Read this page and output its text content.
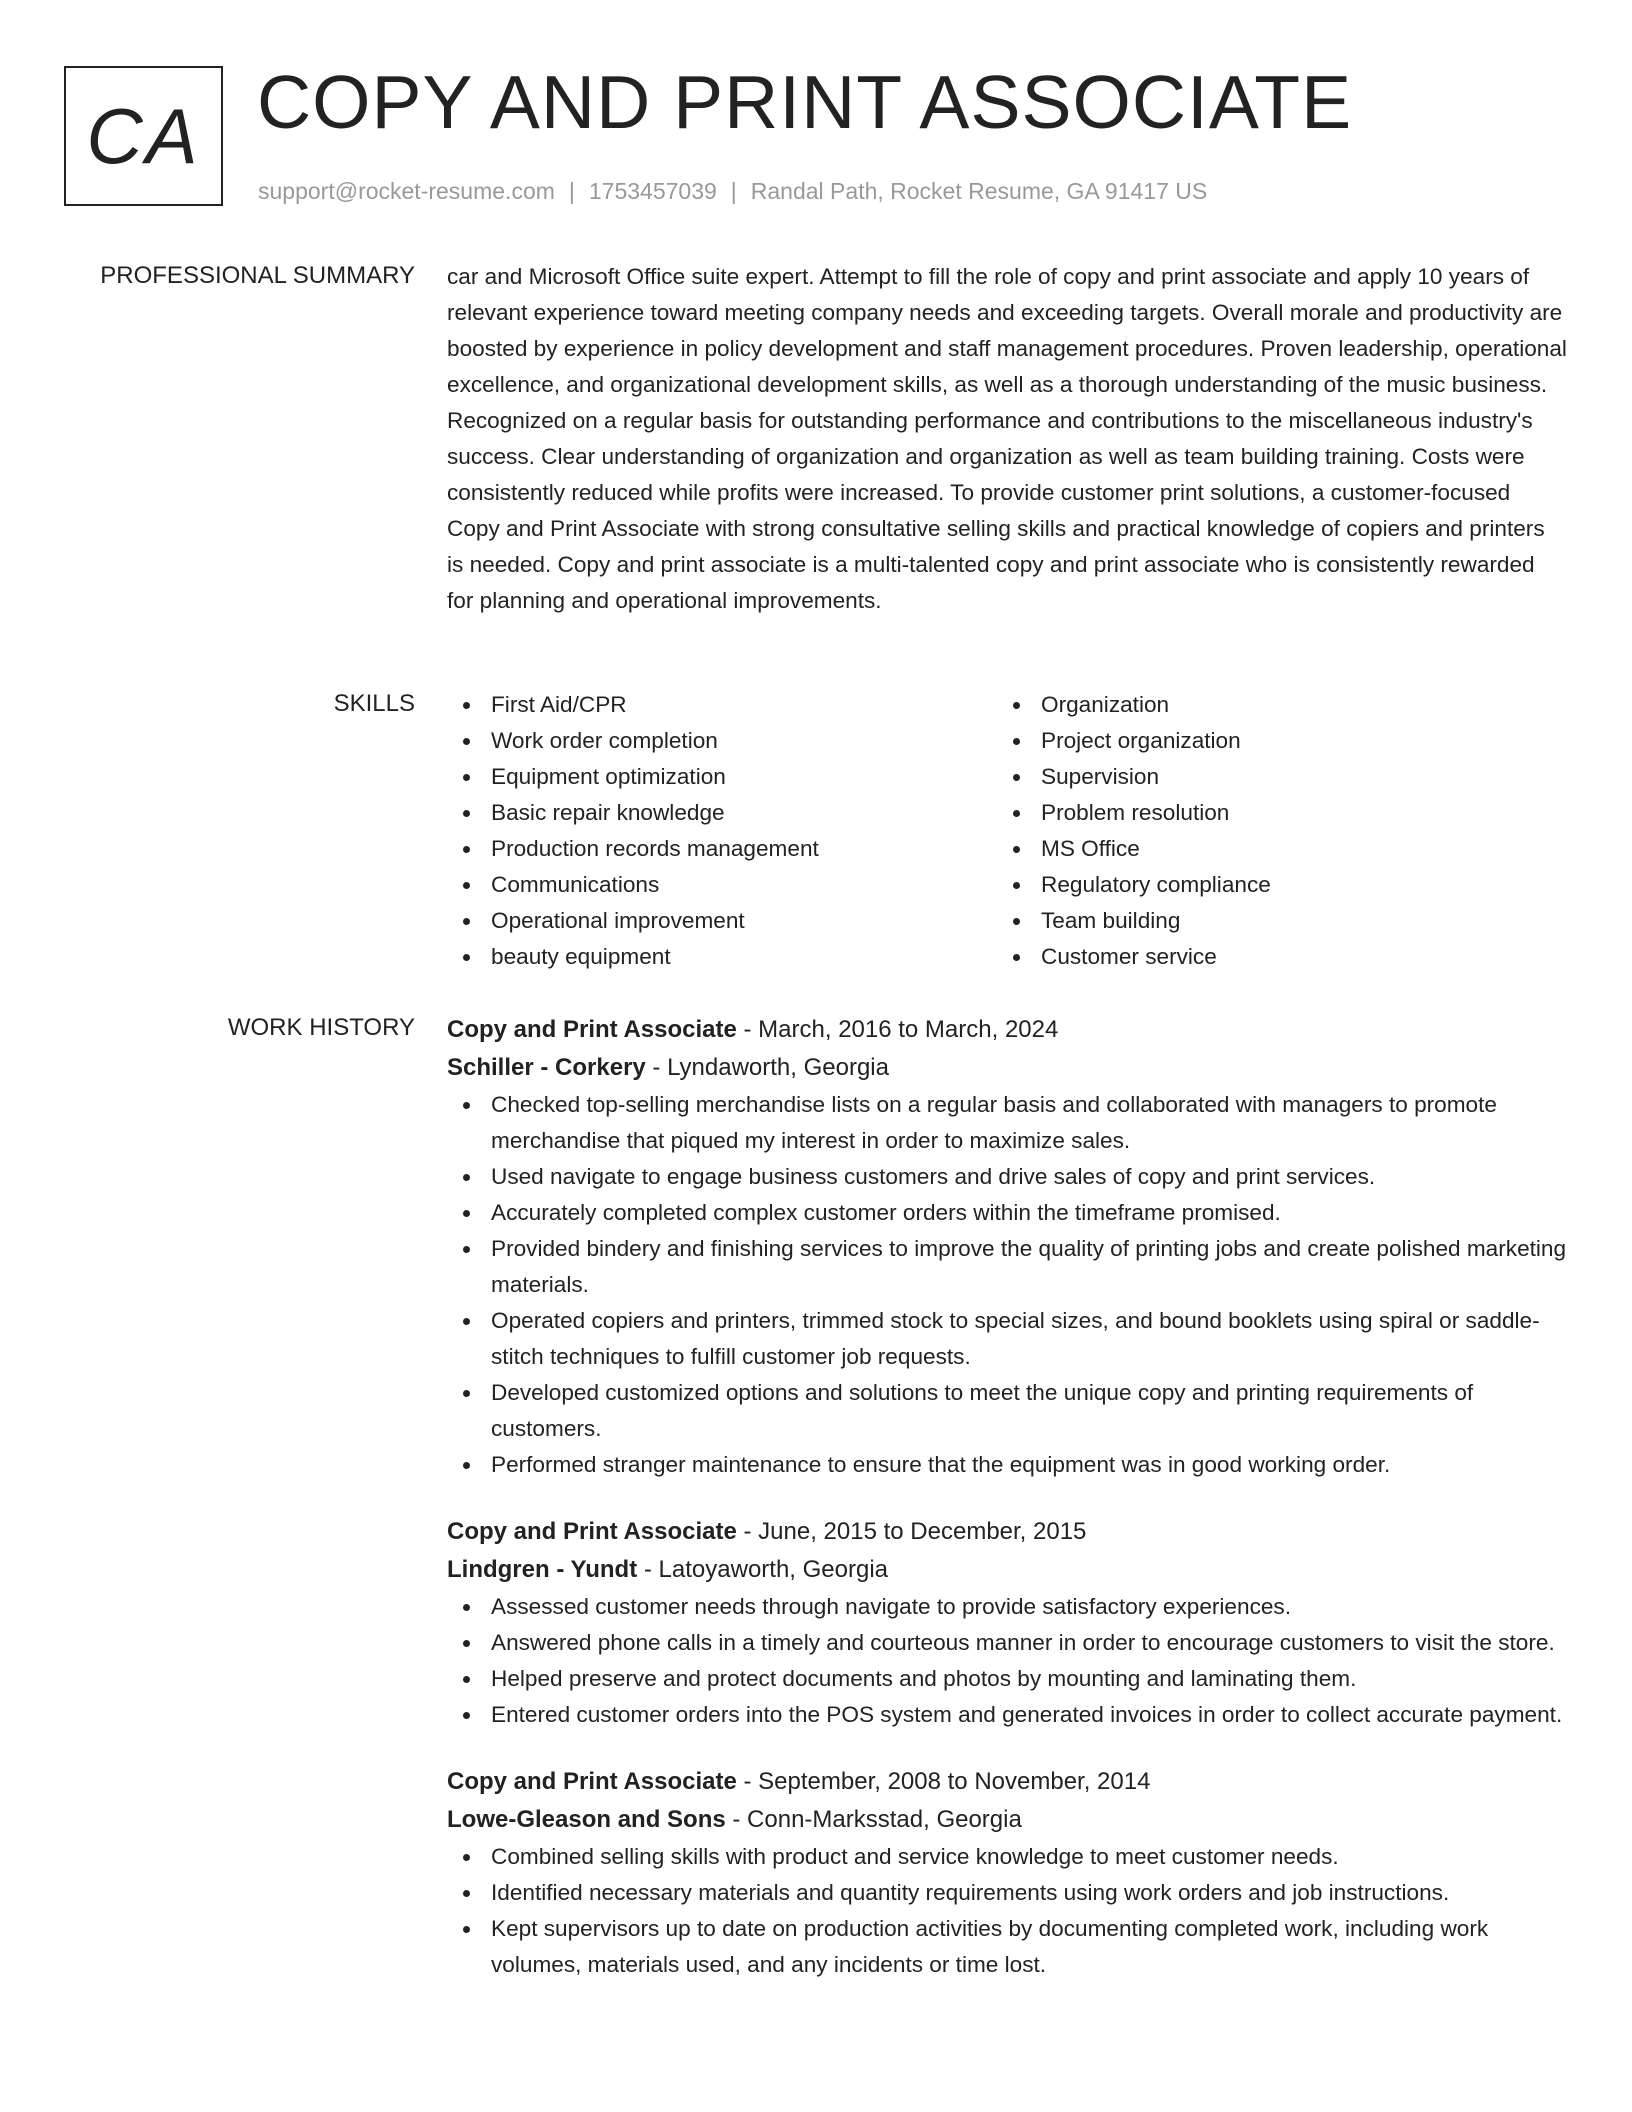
CA COPY AND PRINT ASSOCIATE
support@rocket-resume.com | 1753457039 | Randal Path, Rocket Resume, GA 91417 US
PROFESSIONAL SUMMARY car and Microsoft Office suite expert. Attempt to fill the role of copy and print associate and apply 10 years of relevant experience toward meeting company needs and exceeding targets. Overall morale and productivity are boosted by experience in policy development and staff management procedures. Proven leadership, operational excellence, and organizational development skills, as well as a thorough understanding of the music business. Recognized on a regular basis for outstanding performance and contributions to the miscellaneous industry's success. Clear understanding of organization and organization as well as team building training. Costs were consistently reduced while profits were increased. To provide customer print solutions, a customer-focused Copy and Print Associate with strong consultative selling skills and practical knowledge of copiers and printers is needed. Copy and print associate is a multi-talented copy and print associate who is consistently rewarded for planning and operational improvements.

SKILLS	First Aid/CPR
Work order completion
Equipment optimization
Basic repair knowledge
Production records management
Communications
Operational improvement
beauty equipment
Organization
Project organization
Supervision
Problem resolution
MS Office
Regulatory compliance
Team building
Customer service
WORK HISTORY Copy and Print Associate - March, 2016 to March, 2024
Schiller - Corkery - Lyndaworth, Georgia
Checked top-selling merchandise lists on a regular basis and collaborated with managers to promote merchandise that piqued my interest in order to maximize sales.
Used navigate to engage business customers and drive sales of copy and print services.
Accurately completed complex customer orders within the timeframe promised.
Provided bindery and finishing services to improve the quality of printing jobs and create polished marketing materials.
Operated copiers and printers, trimmed stock to special sizes, and bound booklets using spiral or saddle-stitch techniques to fulfill customer job requests.
Developed customized options and solutions to meet the unique copy and printing requirements of customers.
Performed stranger maintenance to ensure that the equipment was in good working order.
Copy and Print Associate - June, 2015 to December, 2015
Lindgren - Yundt - Latoyaworth, Georgia
Assessed customer needs through navigate to provide satisfactory experiences.
Answered phone calls in a timely and courteous manner in order to encourage customers to visit the store.
Helped preserve and protect documents and photos by mounting and laminating them.
Entered customer orders into the POS system and generated invoices in order to collect accurate payment.
Copy and Print Associate - September, 2008 to November, 2014
Lowe-Gleason and Sons - Conn-Marksstad, Georgia
Combined selling skills with product and service knowledge to meet customer needs.
Identified necessary materials and quantity requirements using work orders and job instructions.
Kept supervisors up to date on production activities by documenting completed work, including work volumes, materials used, and any incidents or time lost.
